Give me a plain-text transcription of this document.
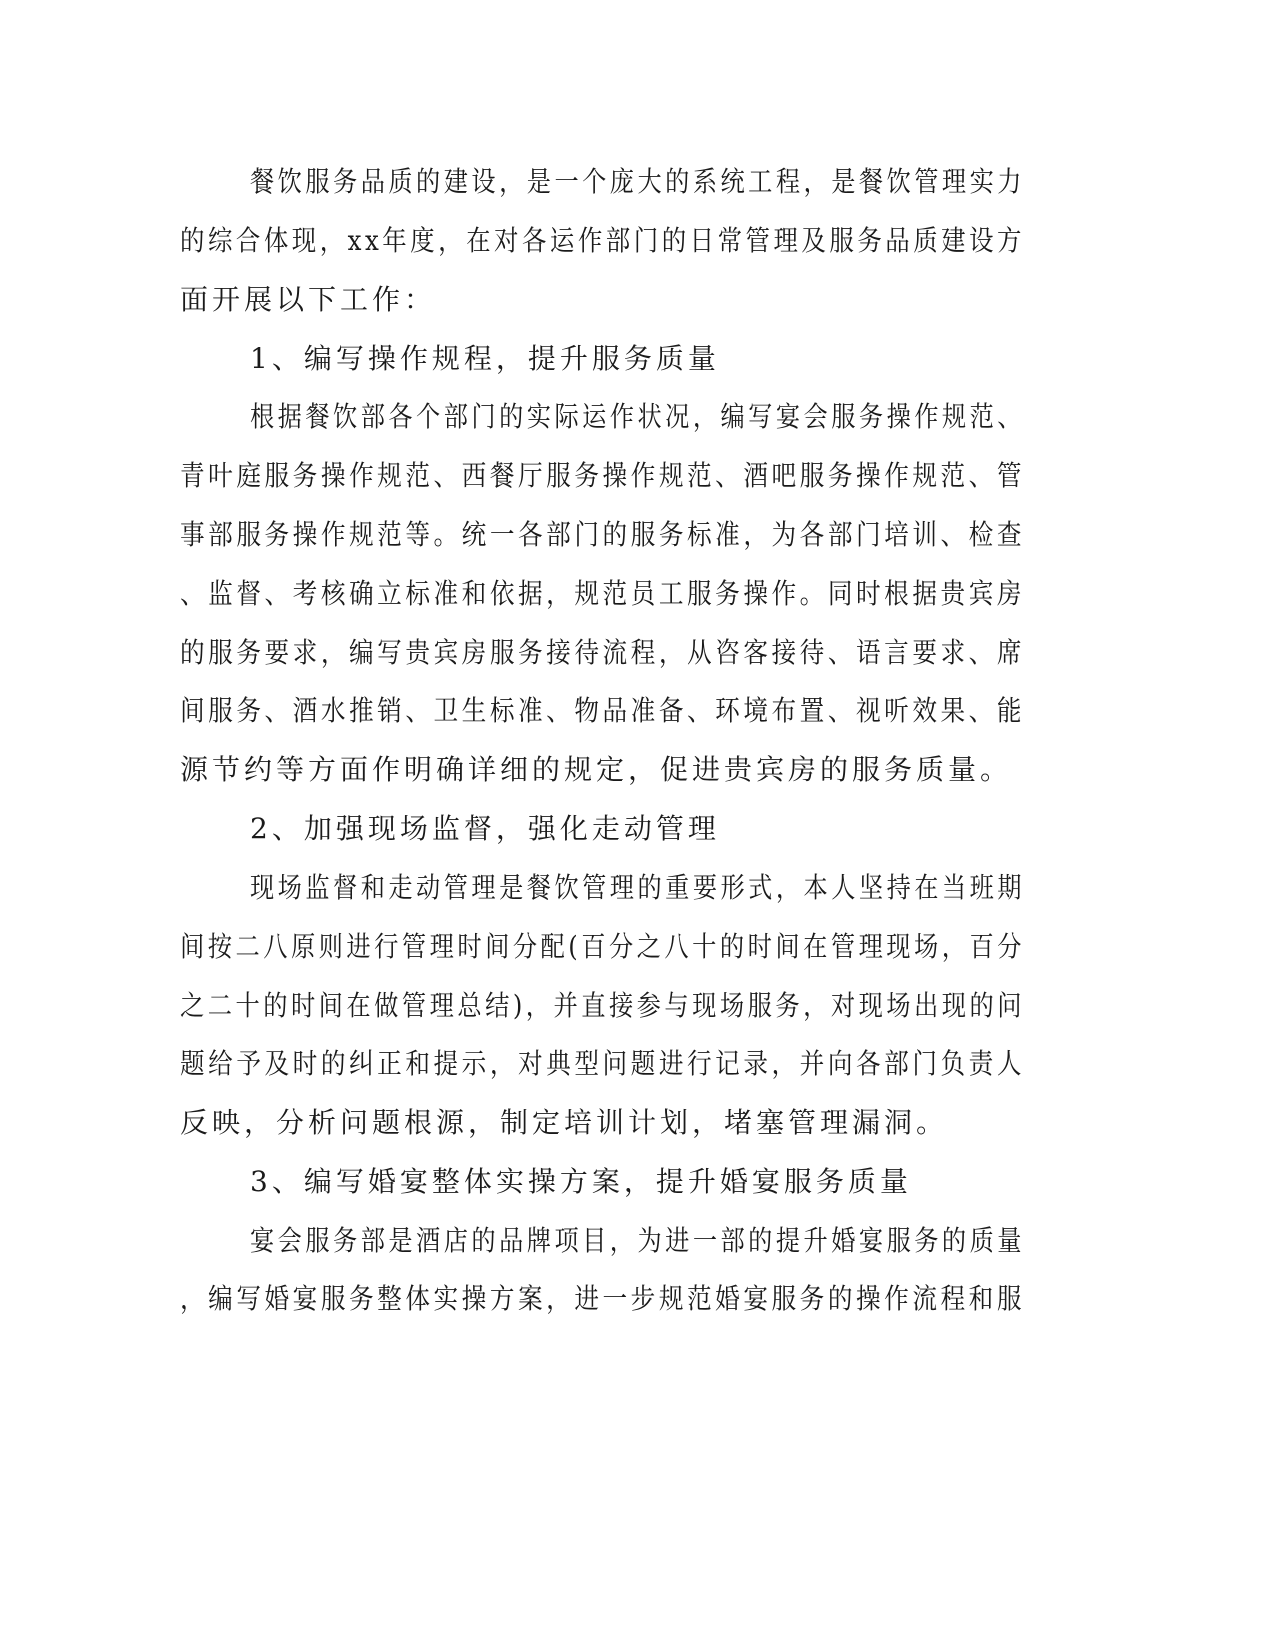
餐饮服务品质的建设，是一个庞大的系统工程，是餐饮管理实力
的综合体现，xx年度，在对各运作部门的日常管理及服务品质建设方
面开展以下工作：
1、编写操作规程，提升服务质量
根据餐饮部各个部门的实际运作状况，编写宴会服务操作规范、
青叶庭服务操作规范、西餐厅服务操作规范、酒吧服务操作规范、管
事部服务操作规范等。统一各部门的服务标准，为各部门培训、检查
、监督、考核确立标准和依据，规范员工服务操作。同时根据贵宾房
的服务要求，编写贵宾房服务接待流程，从咨客接待、语言要求、席
间服务、酒水推销、卫生标准、物品准备、环境布置、视听效果、能
源节约等方面作明确详细的规定，促进贵宾房的服务质量。
2、加强现场监督，强化走动管理
现场监督和走动管理是餐饮管理的重要形式，本人坚持在当班期
间按二八原则进行管理时间分配(百分之八十的时间在管理现场，百分
之二十的时间在做管理总结)，并直接参与现场服务，对现场出现的问
题给予及时的纠正和提示，对典型问题进行记录，并向各部门负责人
反映，分析问题根源，制定培训计划，堵塞管理漏洞。
3、编写婚宴整体实操方案，提升婚宴服务质量
宴会服务部是酒店的品牌项目，为进一部的提升婚宴服务的质量
，编写婚宴服务整体实操方案，进一步规范婚宴服务的操作流程和服
